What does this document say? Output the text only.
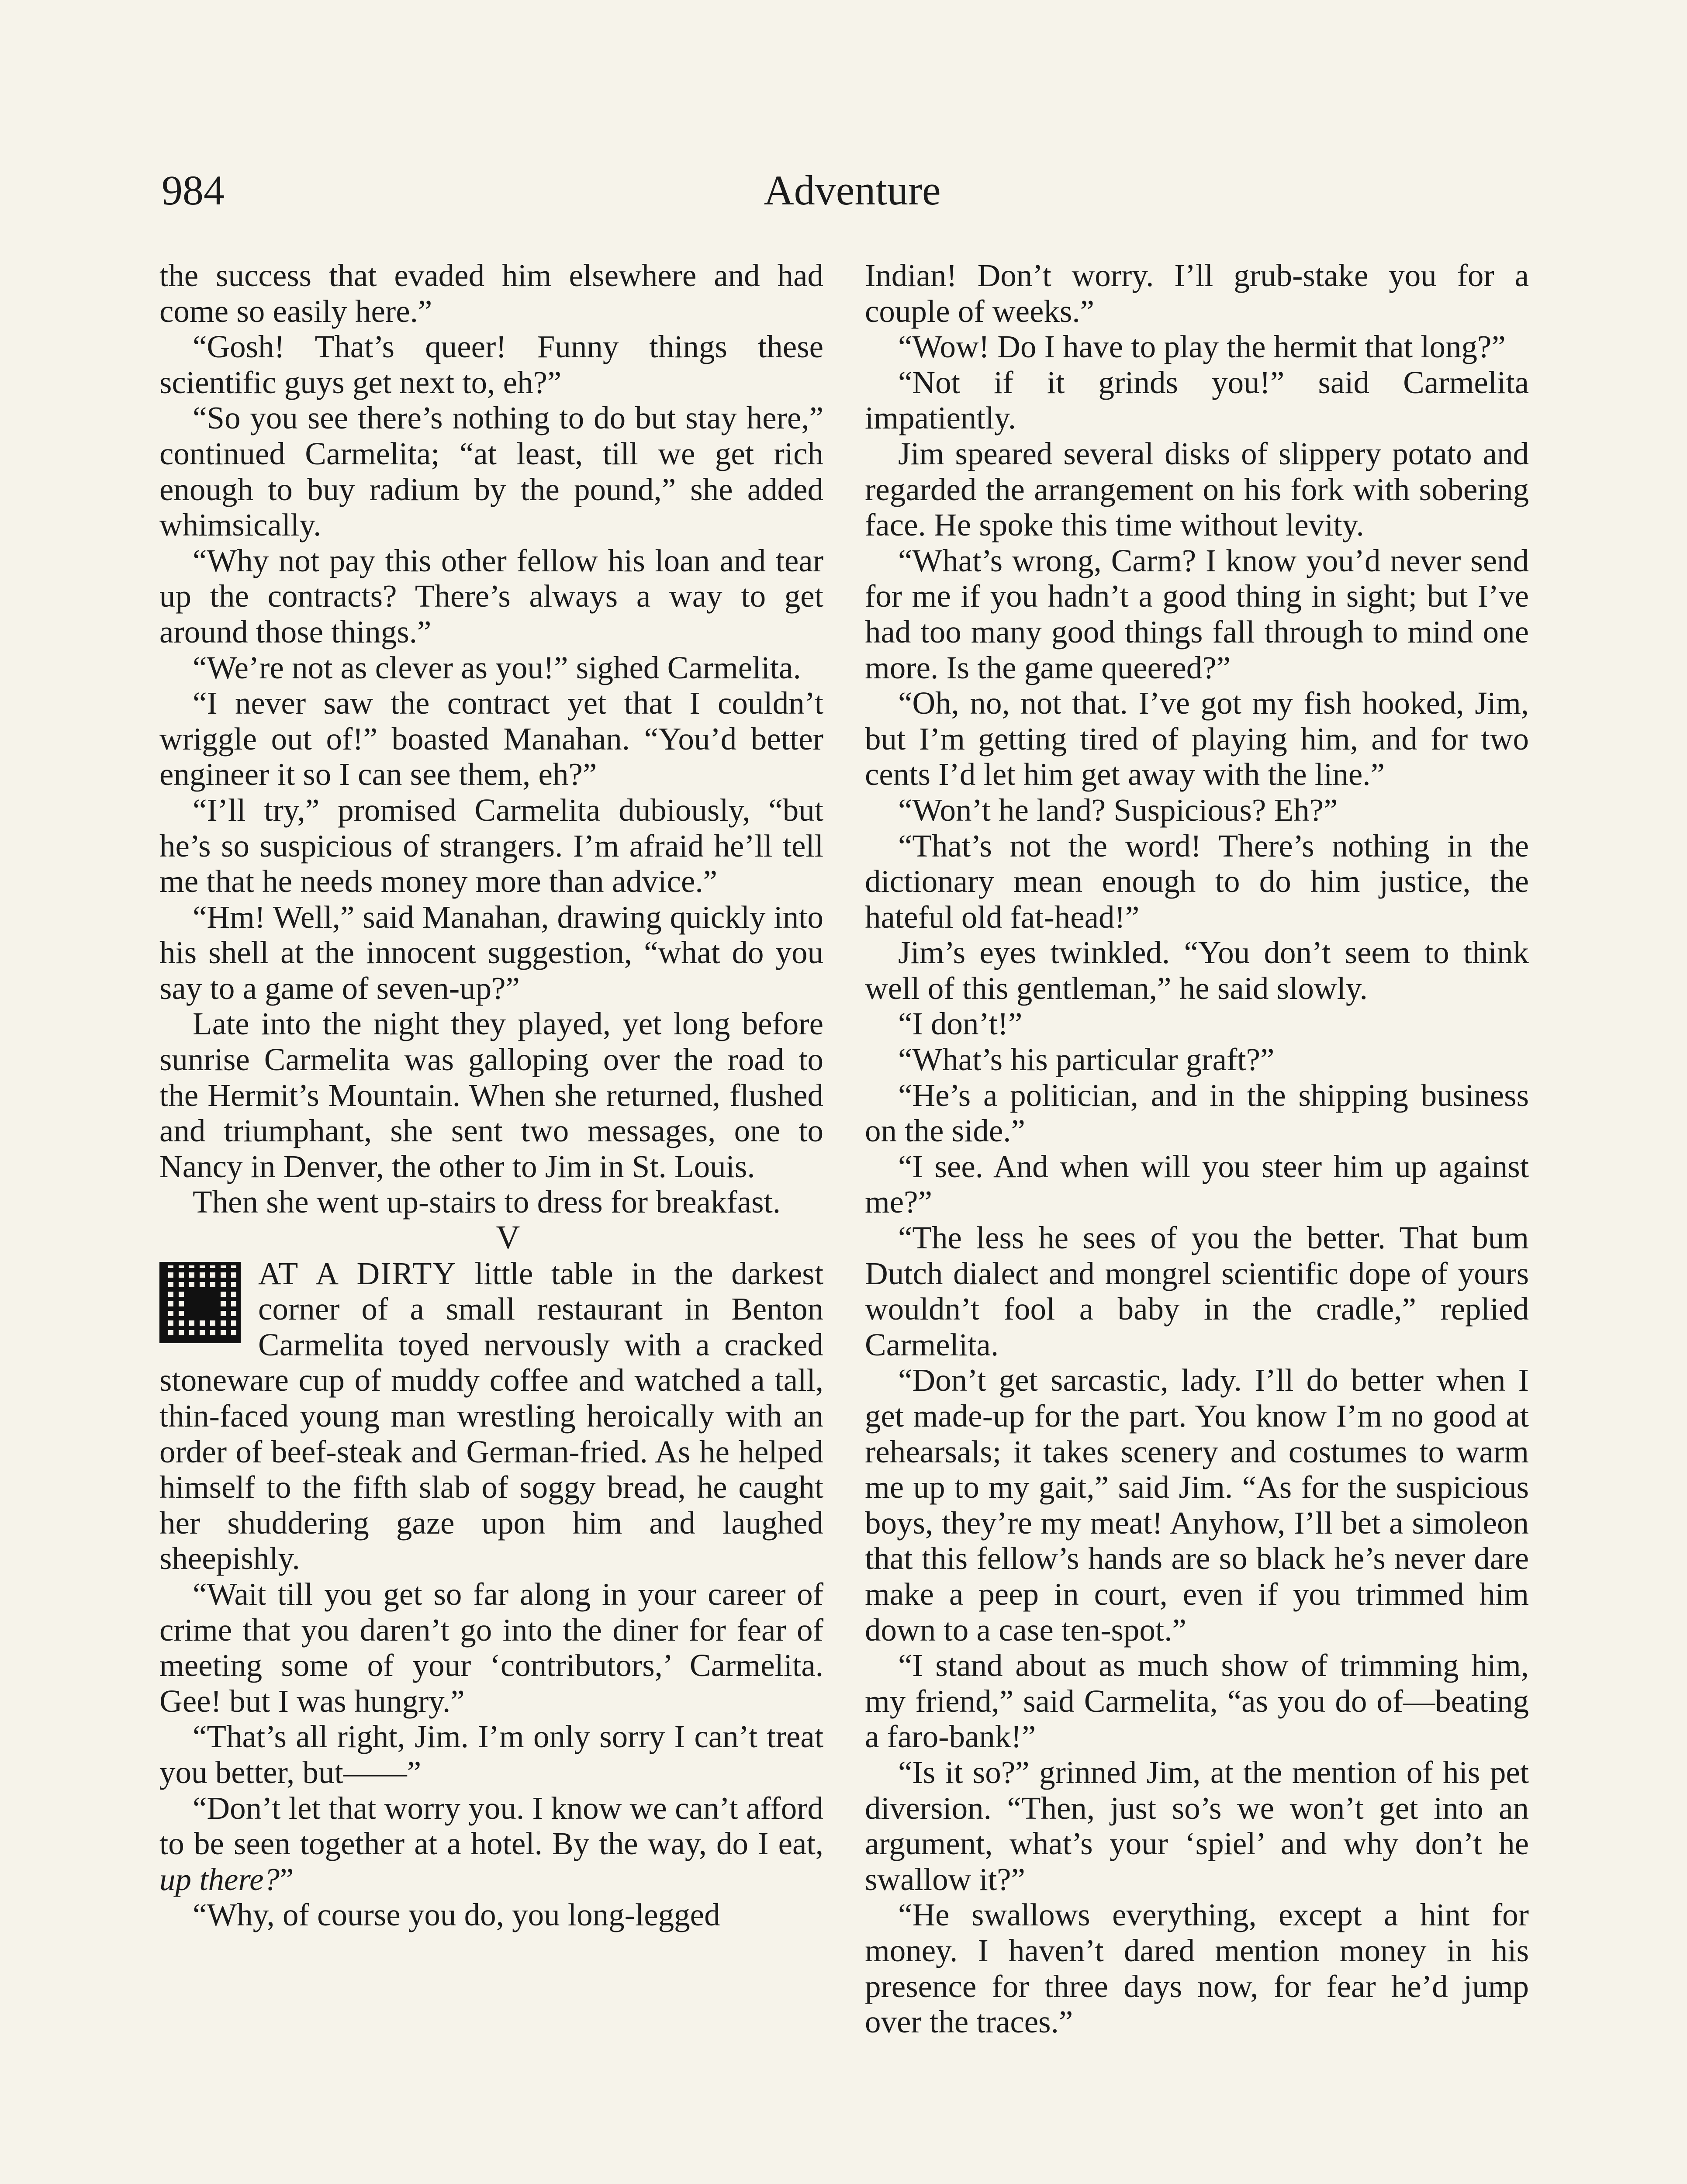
984	Adventure

the success that evaded him elsewhere and had come so easily here.”

“Gosh! That’s queer! Funny things these scientific guys get next to, eh?”

“So you see there’s nothing to do but stay here,” continued Carmelita; “at least, till we get rich enough to buy radium by the pound,” she added whimsically.

“Why not pay this other fellow his loan and tear up the contracts? There’s always a way to get around those things.”

“We’re not as clever as you!” sighed Carmelita.

“I never saw the contract yet that I couldn’t wriggle out of!” boasted Manahan. “You’d better engineer it so I can see them, eh?”

“I’ll try,” promised Carmelita dubiously, “but he’s so suspicious of strangers. I’m afraid he’ll tell me that he needs money more than advice.”

“Hm! Well,” said Manahan, drawing quickly into his shell at the innocent suggestion, “what do you say to a game of seven-up?”

Late into the night they played, yet long before sunrise Carmelita was galloping over the road to the Hermit’s Mountain. When she returned, flushed and triumphant, she sent two messages, one to Nancy in Denver, the other to Jim in St. Louis.

Then she went up-stairs to dress for breakfast.

V

AT A DIRTY little table in the darkest corner of a small restaurant in Benton Carmelita toyed nervously with a cracked stoneware cup of muddy coffee and watched a tall, thin-faced young man wrestling heroically with an order of beef-steak and German-fried. As he helped himself to the fifth slab of soggy bread, he caught her shuddering gaze upon him and laughed sheepishly.

“Wait till you get so far along in your career of crime that you daren’t go into the diner for fear of meeting some of your ‘contributors,’ Carmelita. Gee! but I was hungry.”

“That’s all right, Jim. I’m only sorry I can’t treat you better, but——”

“Don’t let that worry you. I know we can’t afford to be seen together at a hotel. By the way, do I eat, up there?”

“Why, of course you do, you long-legged

Indian! Don’t worry. I’ll grub-stake you for a couple of weeks.”

“Wow! Do I have to play the hermit that long?”

“Not if it grinds you!” said Carmelita impatiently.

Jim speared several disks of slippery potato and regarded the arrangement on his fork with sobering face. He spoke this time without levity.

“What’s wrong, Carm? I know you’d never send for me if you hadn’t a good thing in sight; but I’ve had too many good things fall through to mind one more. Is the game queered?”

“Oh, no, not that. I’ve got my fish hooked, Jim, but I’m getting tired of playing him, and for two cents I’d let him get away with the line.”

“Won’t he land? Suspicious? Eh?”

“That’s not the word! There’s nothing in the dictionary mean enough to do him justice, the hateful old fat-head!”

Jim’s eyes twinkled. “You don’t seem to think well of this gentleman,” he said slowly.

“I don’t!”

“What’s his particular graft?”

“He’s a politician, and in the shipping business on the side.”

“I see. And when will you steer him up against me?”

“The less he sees of you the better. That bum Dutch dialect and mongrel scientific dope of yours wouldn’t fool a baby in the cradle,” replied Carmelita.

“Don’t get sarcastic, lady. I’ll do better when I get made-up for the part. You know I’m no good at rehearsals; it takes scenery and costumes to warm me up to my gait,” said Jim. “As for the suspicious boys, they’re my meat! Anyhow, I’ll bet a simoleon that this fellow’s hands are so black he’s never dare make a peep in court, even if you trimmed him down to a case ten-spot.”

“I stand about as much show of trimming him, my friend,” said Carmelita, “as you do of—beating a faro-bank!”

“Is it so?” grinned Jim, at the mention of his pet diversion. “Then, just so’s we won’t get into an argument, what’s your ‘spiel’ and why don’t he swallow it?”

“He swallows everything, except a hint for money. I haven’t dared mention money in his presence for three days now, for fear he’d jump over the traces.”
